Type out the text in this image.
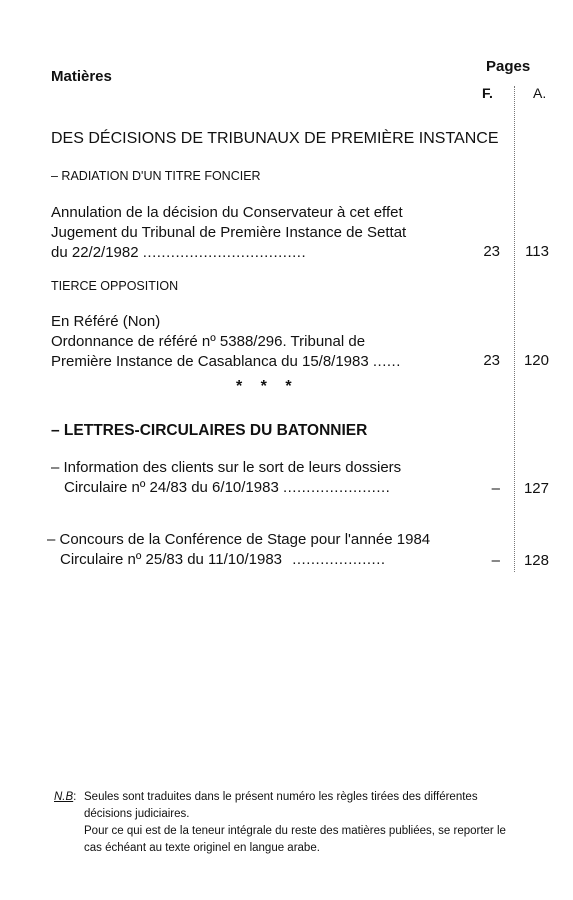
Matières
Pages
F.	A.
DES DÉCISIONS DE TRIBUNAUX DE PREMIÈRE INSTANCE
– RADIATION D'UN TITRE FONCIER
Annulation de la décision du Conservateur à cet effet
Jugement du Tribunal de Première Instance de Settat
du 22/2/1982 ...................................	23	113
TIERCE OPPOSITION
En Référé (Non)
Ordonnance de référé nº 5388/296. Tribunal de
Première Instance de Casablanca du 15/8/1983 ......	23	120
* * *
– LETTRES-CIRCULAIRES DU BATONNIER
– Information des clients sur le sort de leurs dossiers
Circulaire nº 24/83 du 6/10/1983 .......................	–	127
– Concours de la Conférence de Stage pour l'année 1984
Circulaire nº 25/83 du 11/10/1983 ....................	–	128
N.B: Seules sont traduites dans le présent numéro les règles tirées des différentes
décisions judiciaires.
Pour ce qui est de la teneur intégrale du reste des matières publiées, se reporter le
cas échéant au texte originel en langue arabe.
